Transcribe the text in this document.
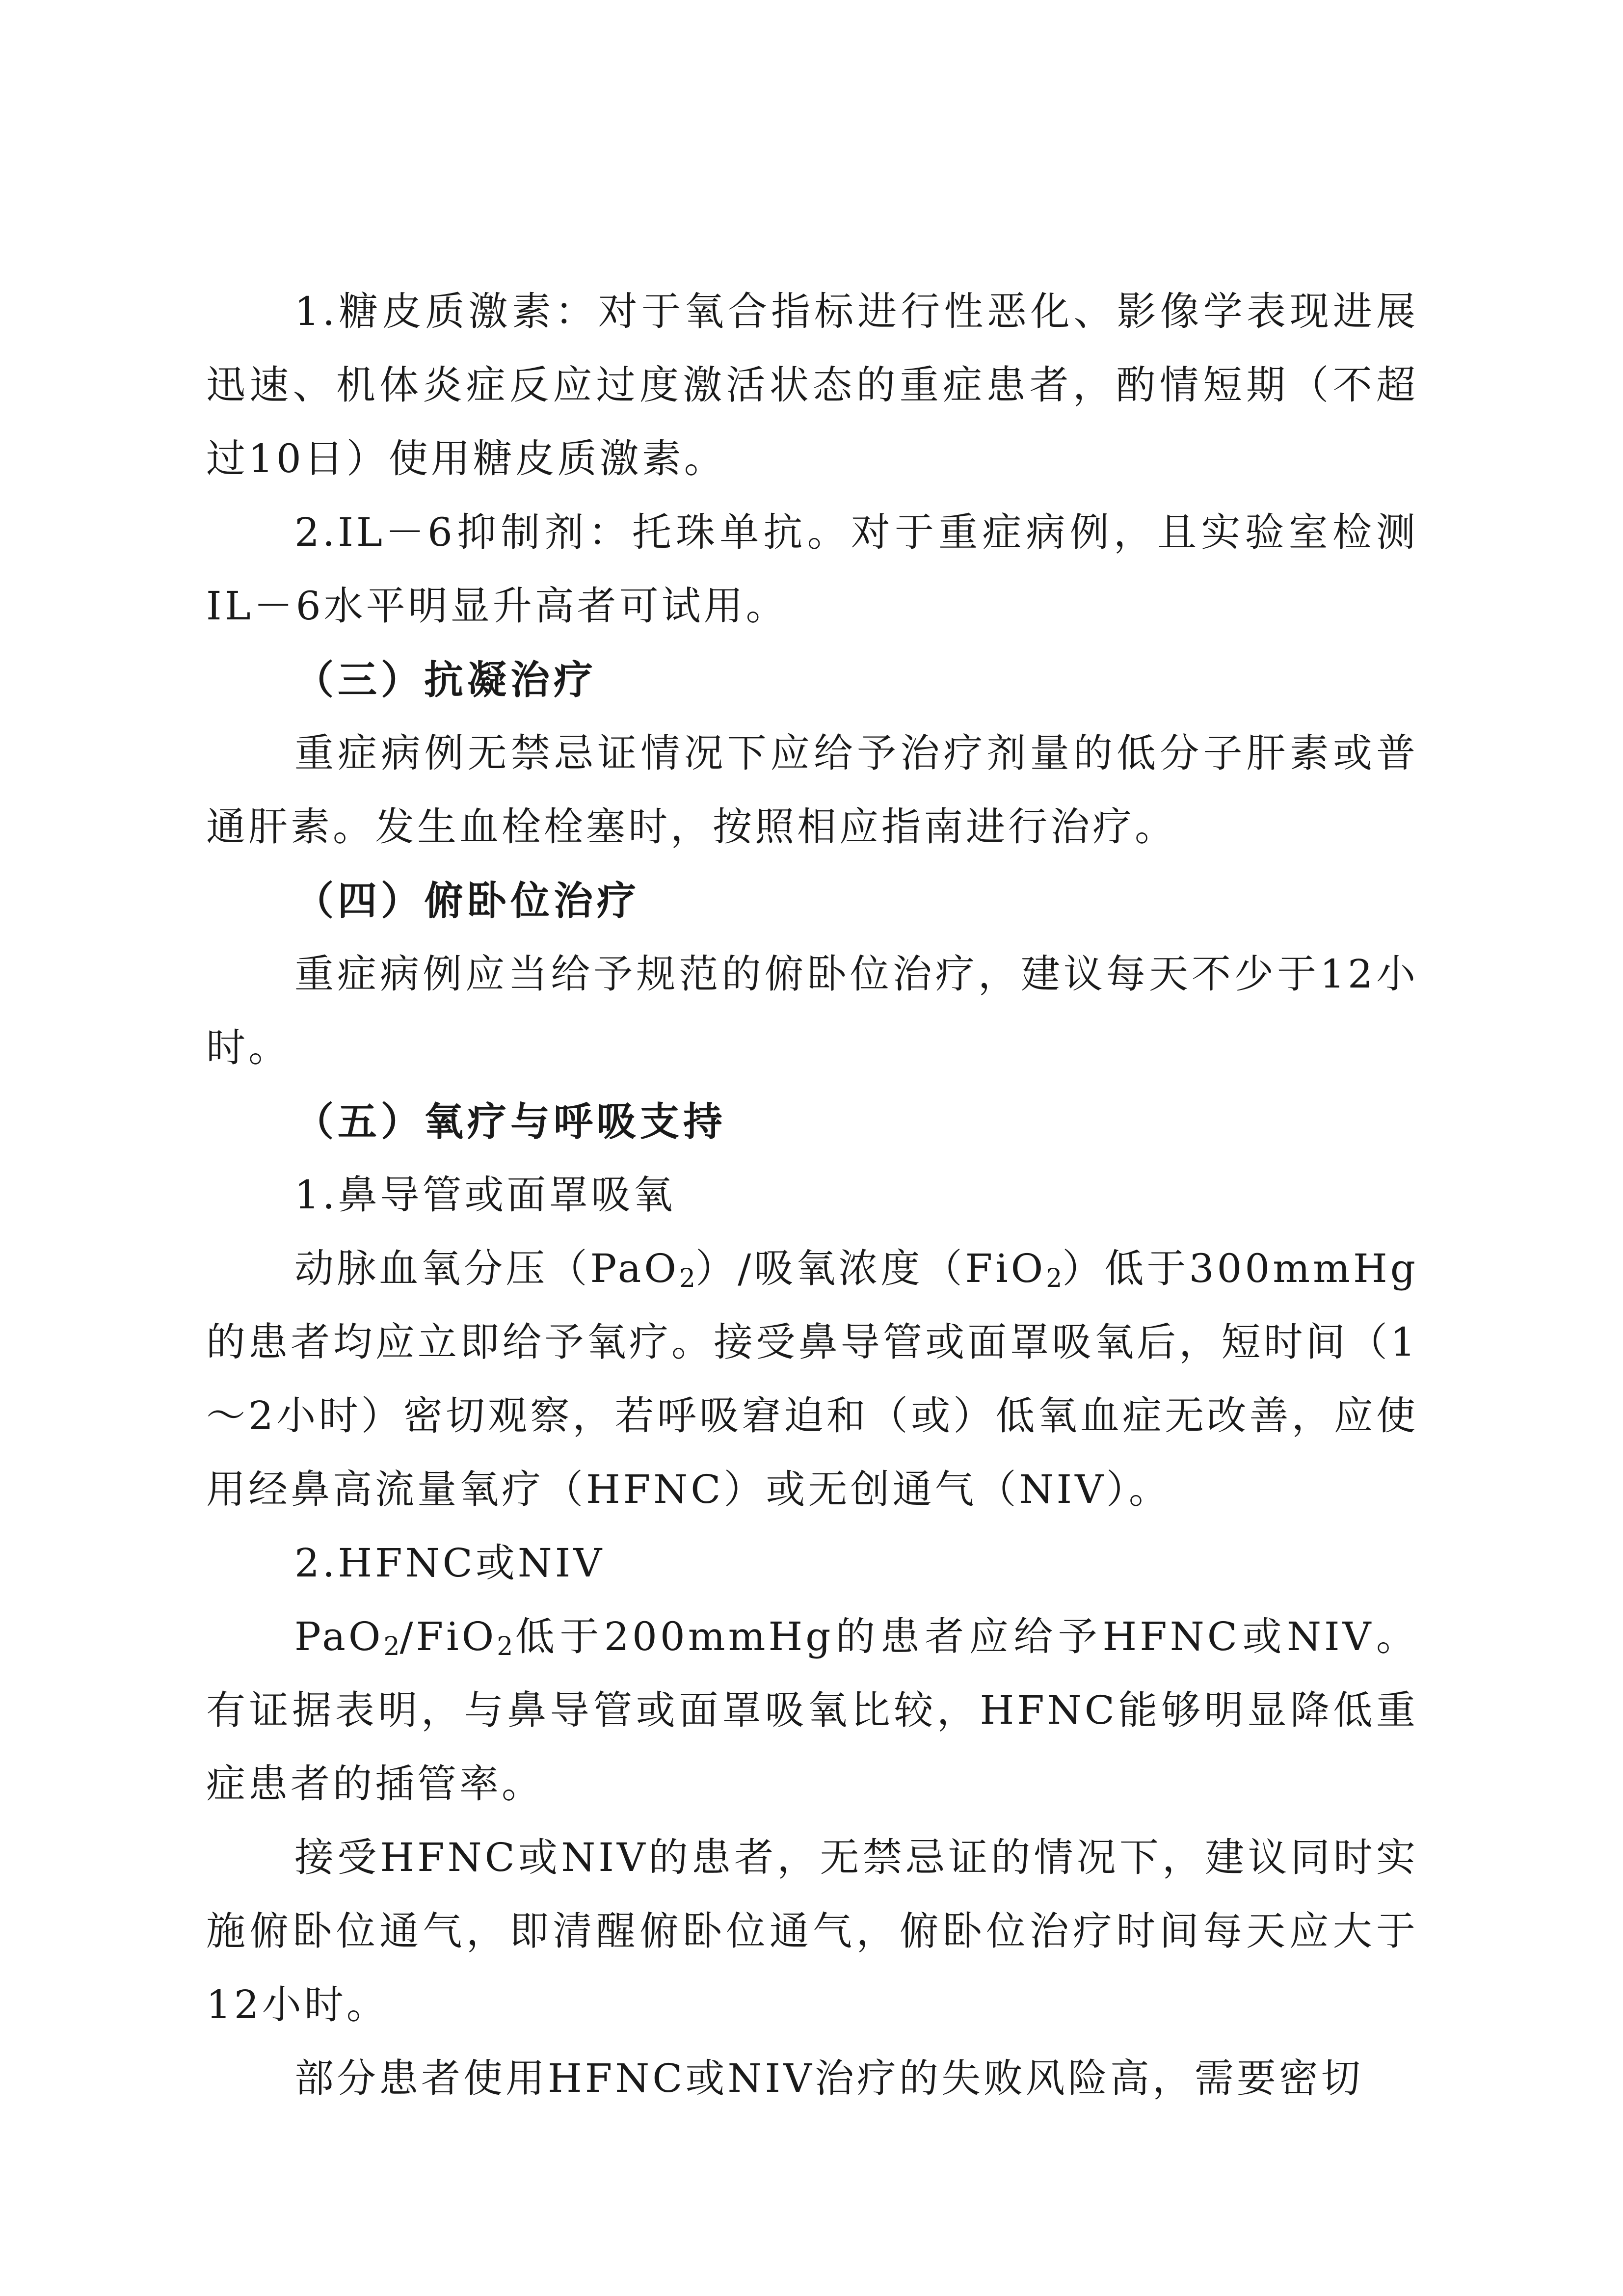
1.糖皮质激素：对于氧合指标进行性恶化、影像学表现进展迅速、机体炎症反应过度激活状态的重症患者，酌情短期（不超过10日）使用糖皮质激素。

2.IL－6抑制剂：托珠单抗。对于重症病例，且实验室检测IL－6水平明显升高者可试用。

（三）抗凝治疗

重症病例无禁忌证情况下应给予治疗剂量的低分子肝素或普通肝素。发生血栓栓塞时，按照相应指南进行治疗。

（四）俯卧位治疗

重症病例应当给予规范的俯卧位治疗，建议每天不少于12小时。

（五）氧疗与呼吸支持

1.鼻导管或面罩吸氧

动脉血氧分压（PaO$_2$）/吸氧浓度（FiO$_2$）低于300mmHg的患者均应立即给予氧疗。接受鼻导管或面罩吸氧后，短时间（1～2小时）密切观察，若呼吸窘迫和（或）低氧血症无改善，应使用经鼻高流量氧疗（HFNC）或无创通气（NIV）。

2.HFNC或NIV

PaO$_2$/FiO$_2$低于200mmHg的患者应给予HFNC或NIV。有证据表明，与鼻导管或面罩吸氧比较，HFNC能够明显降低重症患者的插管率。

接受HFNC或NIV的患者，无禁忌证的情况下，建议同时实施俯卧位通气，即清醒俯卧位通气，俯卧位治疗时间每天应大于12小时。

部分患者使用HFNC或NIV治疗的失败风险高，需要密切
